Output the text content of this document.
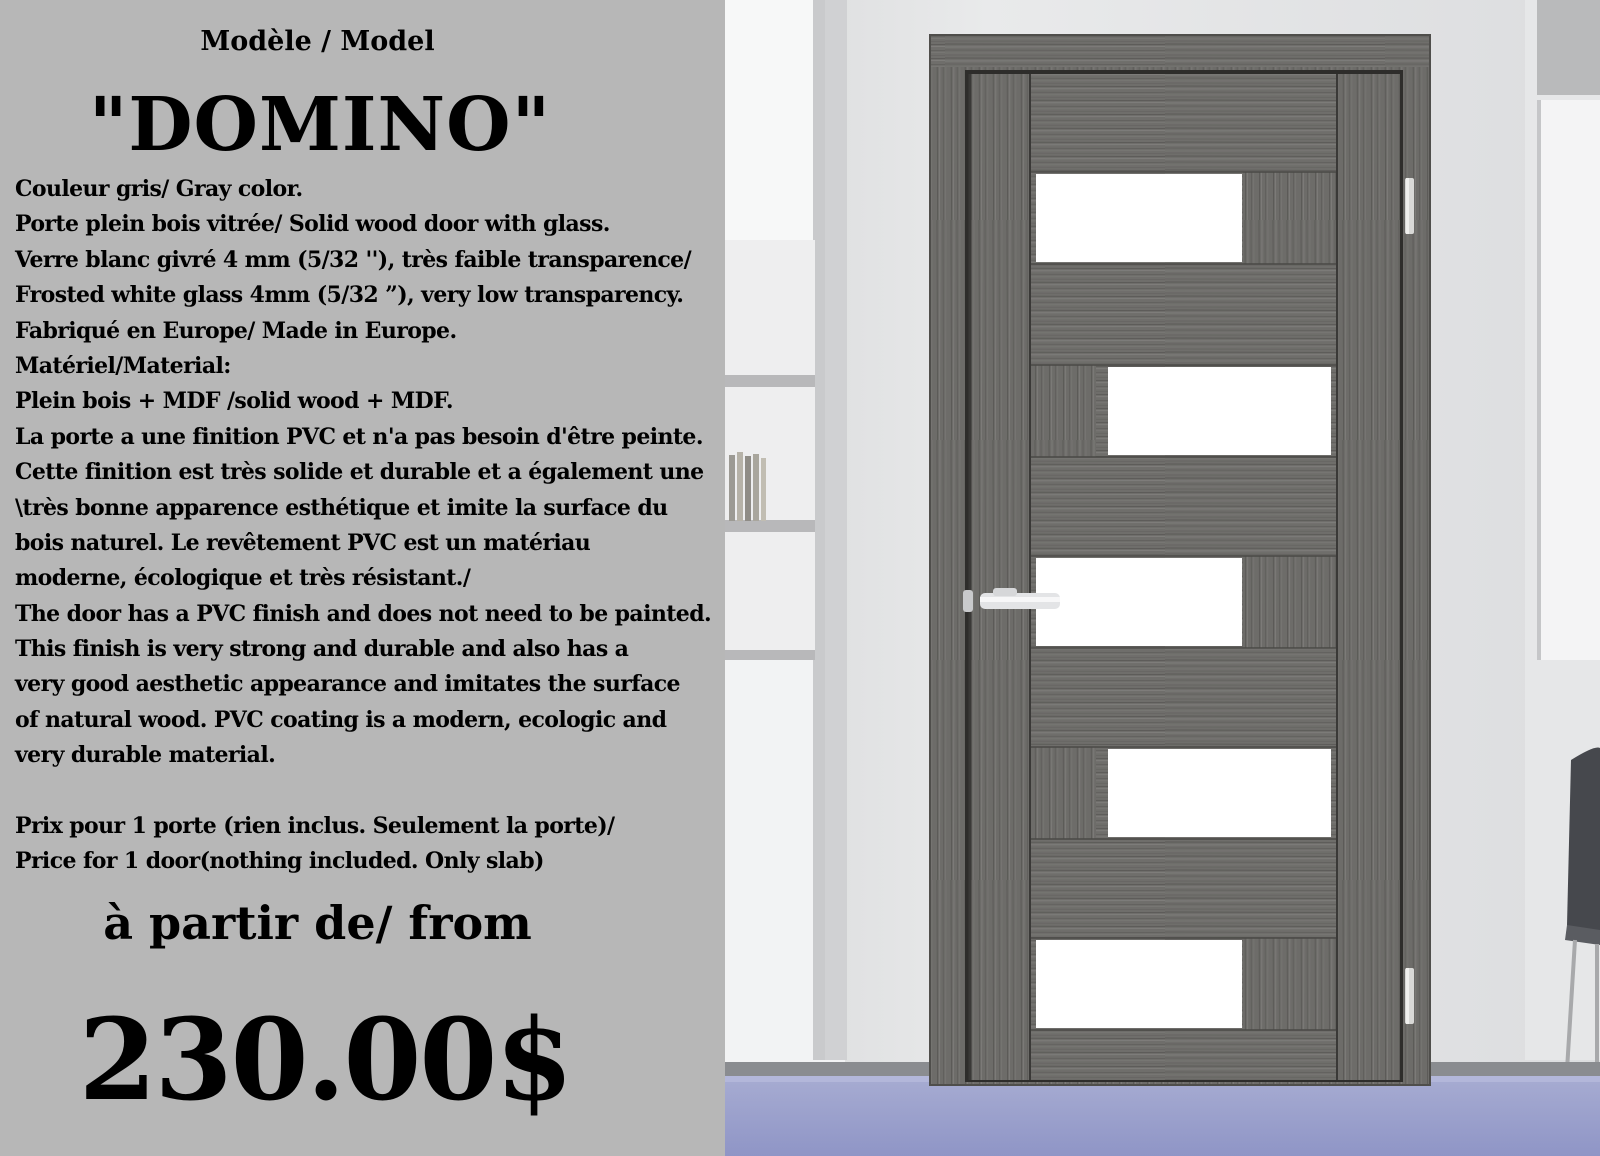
Modèle / Model
"DOMINO"
Couleur gris/ Gray color.
Porte plein bois vitrée/ Solid wood door with glass.
Verre blanc givré 4 mm (5/32 ''), très faible transparence/
Frosted white glass 4mm (5/32 ”), very low transparency.
Fabriqué en Europe/ Made in Europe.
Matériel/Material:
Plein bois + MDF /solid wood + MDF.
La porte a une finition PVC et n'a pas besoin d'être peinte.
Cette finition est très solide et durable et a également une
\très bonne apparence esthétique et imite la surface du
bois naturel. Le revêtement PVC est un matériau
moderne, écologique et très résistant./
The door has a PVC finish and does not need to be painted.
This finish is very strong and durable and also has a
very good aesthetic appearance and imitates the surface
of natural wood. PVC coating is a modern, ecologic and
very durable material.
Prix pour 1 porte (rien inclus. Seulement la porte)/
Price for 1 door(nothing included. Only slab)
à partir de/ from
230.00$
